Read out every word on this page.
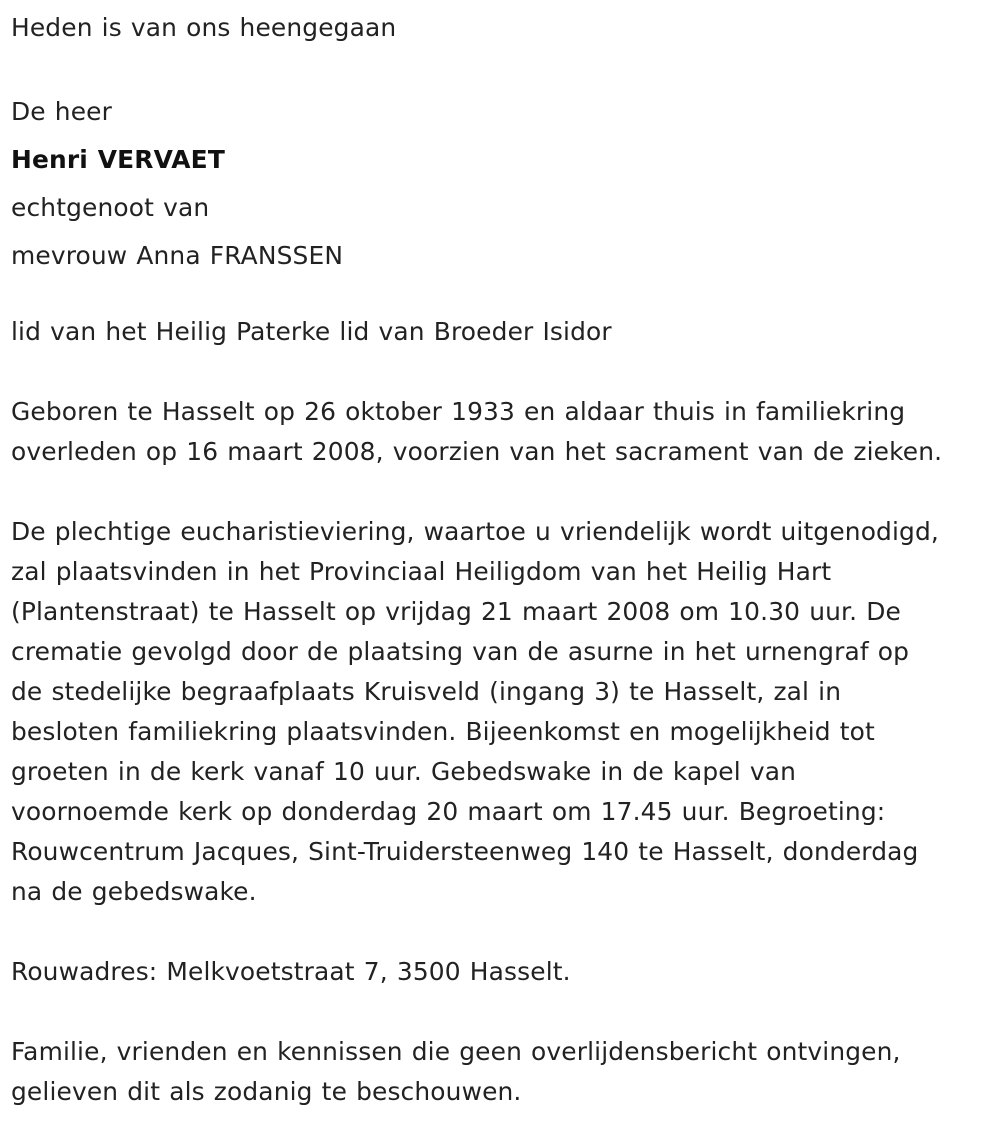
Heden is van ons heengegaan
De heer
Henri VERVAET
echtgenoot van
mevrouw Anna FRANSSEN
lid van het Heilig Paterke lid van Broeder Isidor
Geboren te Hasselt op 26 oktober 1933 en aldaar thuis in familiekring
overleden op 16 maart 2008, voorzien van het sacrament van de zieken.
De plechtige eucharistieviering, waartoe u vriendelijk wordt uitgenodigd,
zal plaatsvinden in het Provinciaal Heiligdom van het Heilig Hart
(Plantenstraat) te Hasselt op vrijdag 21 maart 2008 om 10.30 uur. De
crematie gevolgd door de plaatsing van de asurne in het urnengraf op
de stedelijke begraafplaats Kruisveld (ingang 3) te Hasselt, zal in
besloten familiekring plaatsvinden. Bijeenkomst en mogelijkheid tot
groeten in de kerk vanaf 10 uur. Gebedswake in de kapel van
voornoemde kerk op donderdag 20 maart om 17.45 uur. Begroeting:
Rouwcentrum Jacques, Sint-Truidersteenweg 140 te Hasselt, donderdag
na de gebedswake.
Rouwadres: Melkvoetstraat 7, 3500 Hasselt.
Familie, vrienden en kennissen die geen overlijdensbericht ontvingen,
gelieven dit als zodanig te beschouwen.
